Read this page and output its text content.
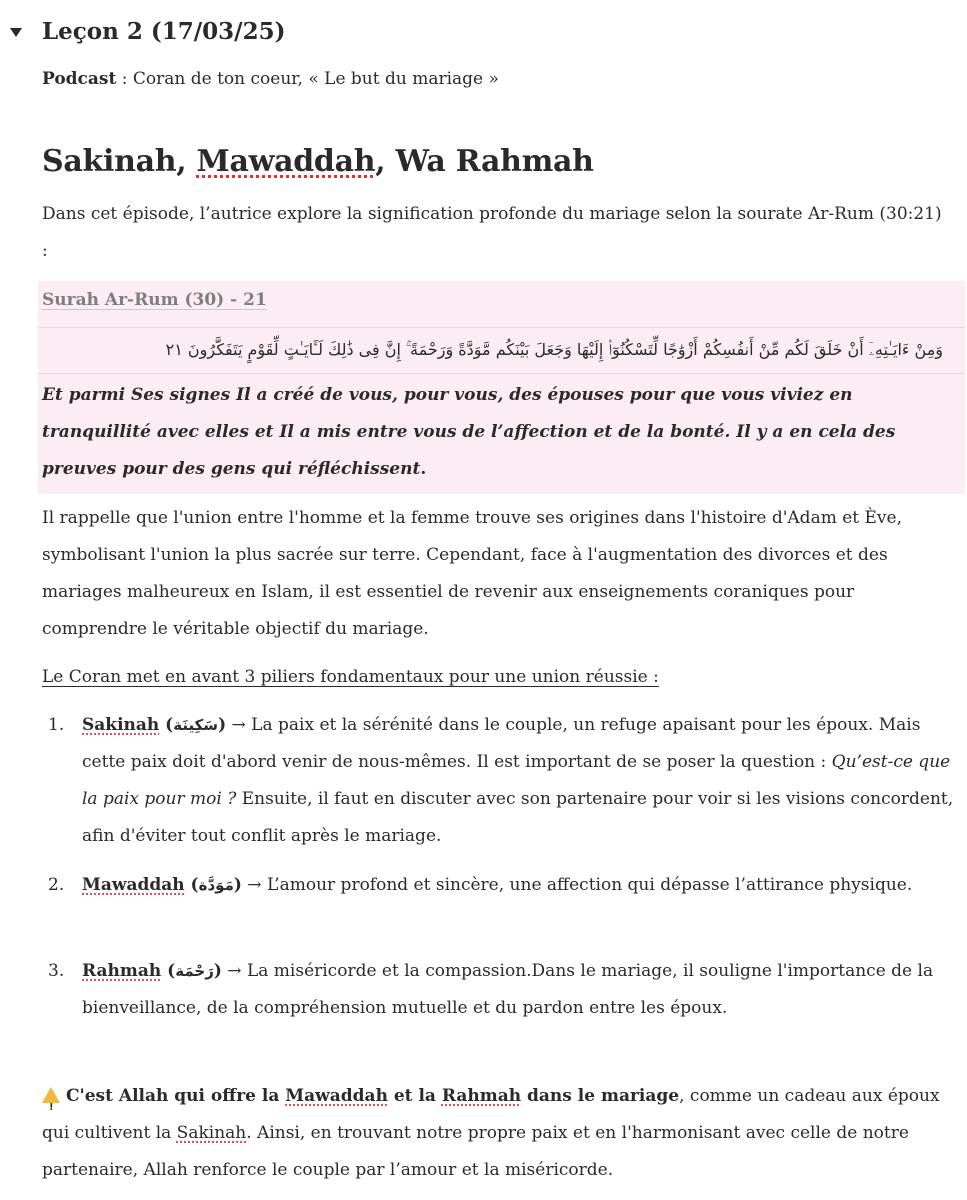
Leçon 2 (17/03/25)

Podcast : Coran de ton coeur, « Le but du mariage »

Sakinah, Mawaddah, Wa Rahmah

Dans cet épisode, l’autrice explore la signification profonde du mariage selon la sourate Ar-Rum (30:21) :

Surah Ar-Rum (30) - 21

وَمِنْ ءَايَـٰتِهِۦٓ أَنْ خَلَقَ لَكُم مِّنْ أَنفُسِكُمْ أَزْوَٰجًا لِّتَسْكُنُوٓا۟ إِلَيْهَا وَجَعَلَ بَيْنَكُم مَّوَدَّةً وَرَحْمَةً ۚ إِنَّ فِى ذَٰلِكَ لَـَٔايَـٰتٍ لِّقَوْمٍ يَتَفَكَّرُونَ ٢١

Et parmi Ses signes Il a créé de vous, pour vous, des épouses pour que vous viviez en tranquillité avec elles et Il a mis entre vous de l’affection et de la bonté. Il y a en cela des preuves pour des gens qui réfléchissent.

Il rappelle que l'union entre l'homme et la femme trouve ses origines dans l'histoire d'Adam et Ève, symbolisant l'union la plus sacrée sur terre. Cependant, face à l'augmentation des divorces et des mariages malheureux en Islam, il est essentiel de revenir aux enseignements coraniques pour comprendre le véritable objectif du mariage.

Le Coran met en avant 3 piliers fondamentaux pour une union réussie :

1.	Sakinah (سَكِينَة) → La paix et la sérénité dans le couple, un refuge apaisant pour les époux. Mais cette paix doit d'abord venir de nous-mêmes. Il est important de se poser la question : Qu’est-ce que la paix pour moi ? Ensuite, il faut en discuter avec son partenaire pour voir si les visions concordent, afin d'éviter tout conflit après le mariage.

2.	Mawaddah (مَوَدَّة) → L’amour profond et sincère, une affection qui dépasse l’attirance physique.

3.	Rahmah (رَحْمَة) → La miséricorde et la compassion.Dans le mariage, il souligne l'importance de la bienveillance, de la compréhension mutuelle et du pardon entre les époux.

!C'est Allah qui offre la Mawaddah et la Rahmah dans le mariage, comme un cadeau aux époux qui cultivent la Sakinah. Ainsi, en trouvant notre propre paix et en l'harmonisant avec celle de notre partenaire, Allah renforce le couple par l’amour et la miséricorde.
